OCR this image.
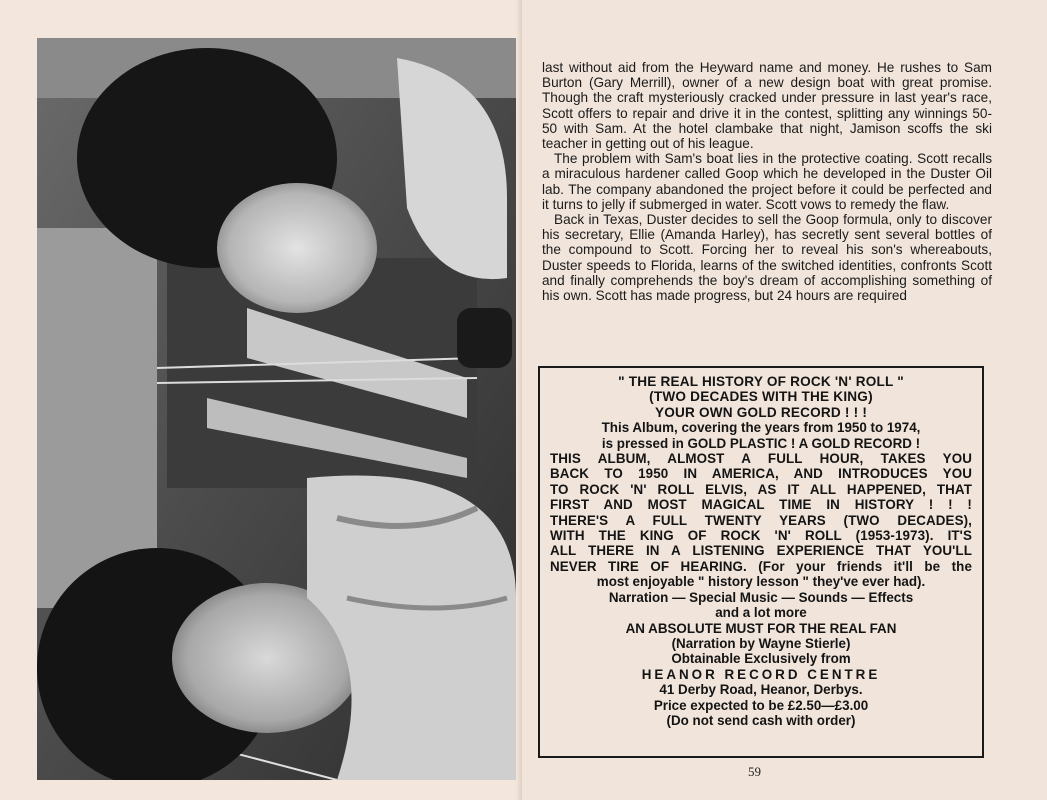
last without aid from the Heyward name and money. He rushes to Sam Burton (Gary Merrill), owner of a new design boat with great promise. Though the craft mysteriously cracked under pressure in last year's race, Scott offers to repair and drive it in the contest, splitting any winnings 50-50 with Sam. At the hotel clambake that night, Jamison scoffs the ski teacher in getting out of his league.

The problem with Sam's boat lies in the protective coating. Scott recalls a miraculous hardener called Goop which he developed in the Duster Oil lab. The company abandoned the project before it could be perfected and it turns to jelly if submerged in water. Scott vows to remedy the flaw.

Back in Texas, Duster decides to sell the Goop formula, only to discover his secretary, Ellie (Amanda Harley), has secretly sent several bottles of the compound to Scott. Forcing her to reveal his son's whereabouts, Duster speeds to Florida, learns of the switched identities, confronts Scott and finally comprehends the boy's dream of accomplishing something of his own. Scott has made progress, but 24 hours are required

" THE REAL HISTORY OF ROCK 'N' ROLL "
(TWO DECADES WITH THE KING)
YOUR OWN GOLD RECORD ! ! !
This Album, covering the years from 1950 to 1974,
is pressed in GOLD PLASTIC ! A GOLD RECORD !
THIS ALBUM, ALMOST A FULL HOUR, TAKES YOU
BACK TO 1950 IN AMERICA, AND INTRODUCES YOU
TO ROCK 'N' ROLL ELVIS, AS IT ALL HAPPENED, THAT
FIRST AND MOST MAGICAL TIME IN HISTORY ! ! !
THERE'S A FULL TWENTY YEARS (TWO DECADES),
WITH THE KING OF ROCK 'N' ROLL (1953-1973). IT'S
ALL THERE IN A LISTENING EXPERIENCE THAT YOU'LL
NEVER TIRE OF HEARING. (For your friends it'll be the
most enjoyable " history lesson " they've ever had).
Narration — Special Music — Sounds — Effects
and a lot more
AN ABSOLUTE MUST FOR THE REAL FAN
(Narration by Wayne Stierle)
Obtainable Exclusively from
HEANOR RECORD CENTRE
41 Derby Road, Heanor, Derbys.
Price expected to be £2.50—£3.00
(Do not send cash with order)
59
